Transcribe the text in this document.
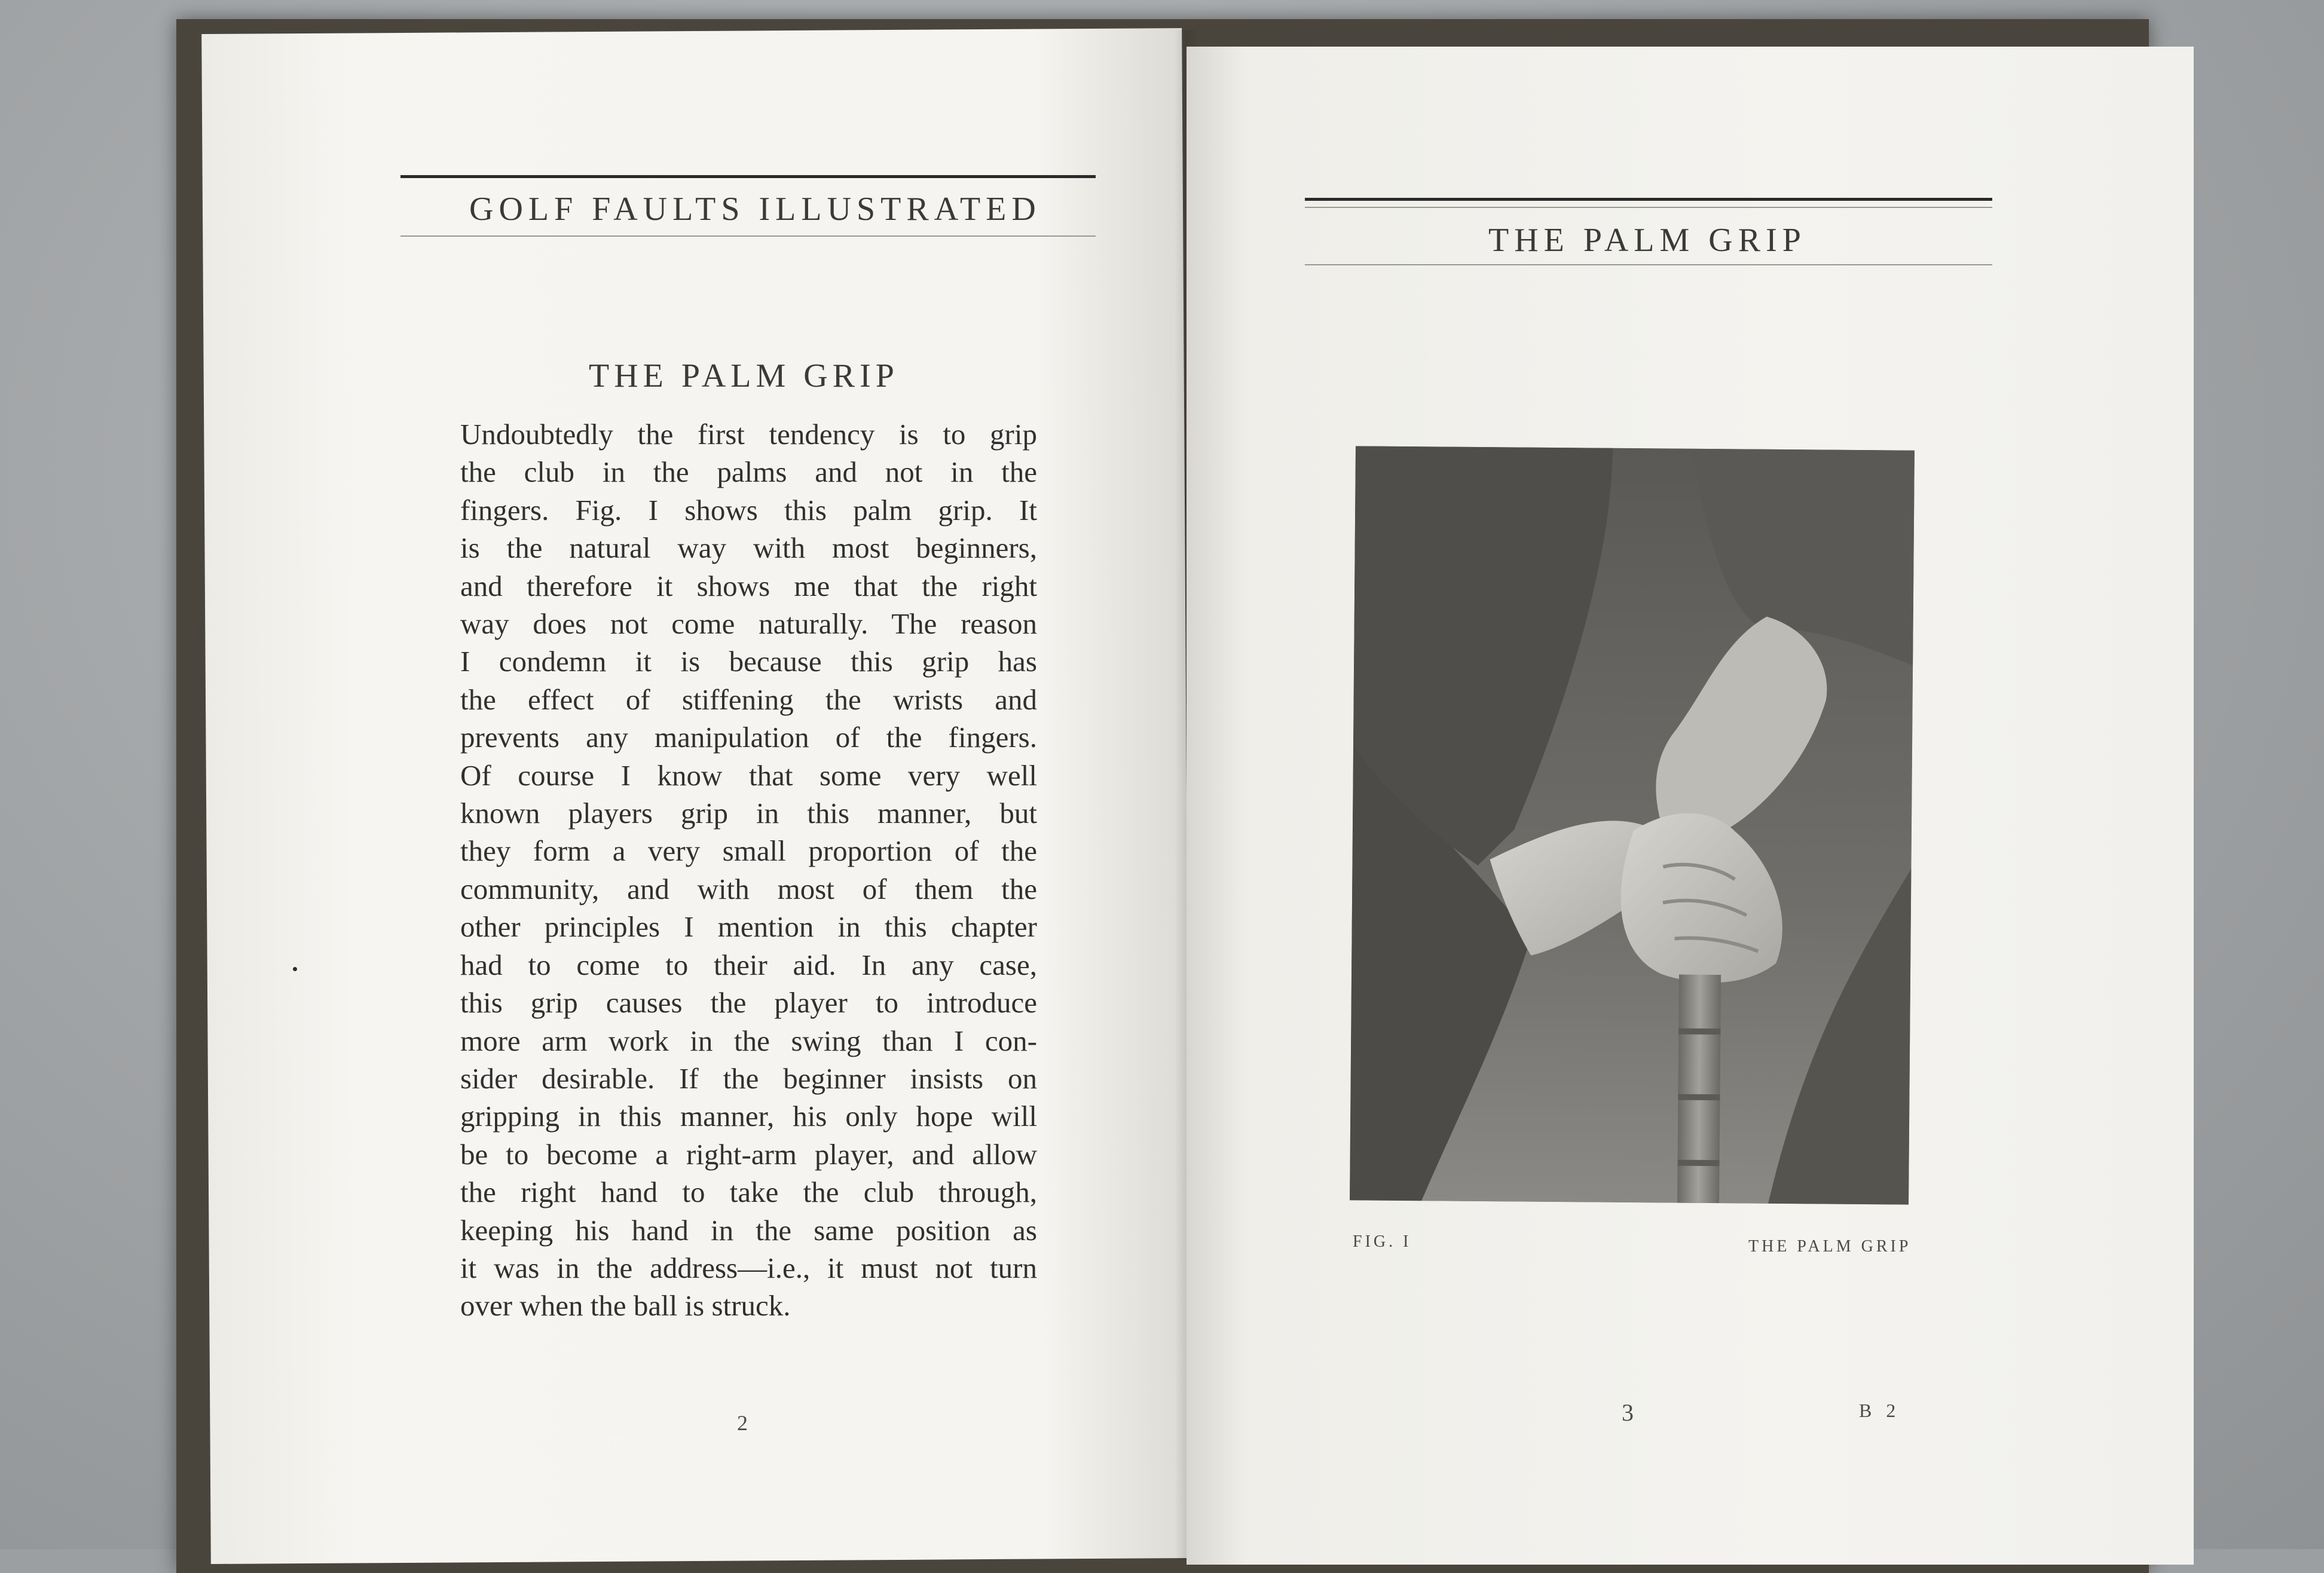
GOLF FAULTS ILLUSTRATED
THE PALM GRIP
Undoubtedly the first tendency is to grip
the club in the palms and not in the
fingers. Fig. I shows this palm grip. It
is the natural way with most beginners,
and therefore it shows me that the right
way does not come naturally. The reason
I condemn it is because this grip has
the effect of stiffening the wrists and
prevents any manipulation of the fingers.
Of course I know that some very well
known players grip in this manner, but
they form a very small proportion of the
community, and with most of them the
other principles I mention in this chapter
had to come to their aid. In any case,
this grip causes the player to introduce
more arm work in the swing than I con-
sider desirable. If the beginner insists on
gripping in this manner, his only hope will
be to become a right-arm player, and allow
the right hand to take the club through,
keeping his hand in the same position as
it was in the address—i.e., it must not turn
over when the ball is struck.
2
THE PALM GRIP
FIG. I	THE PALM GRIP
3	B 2
